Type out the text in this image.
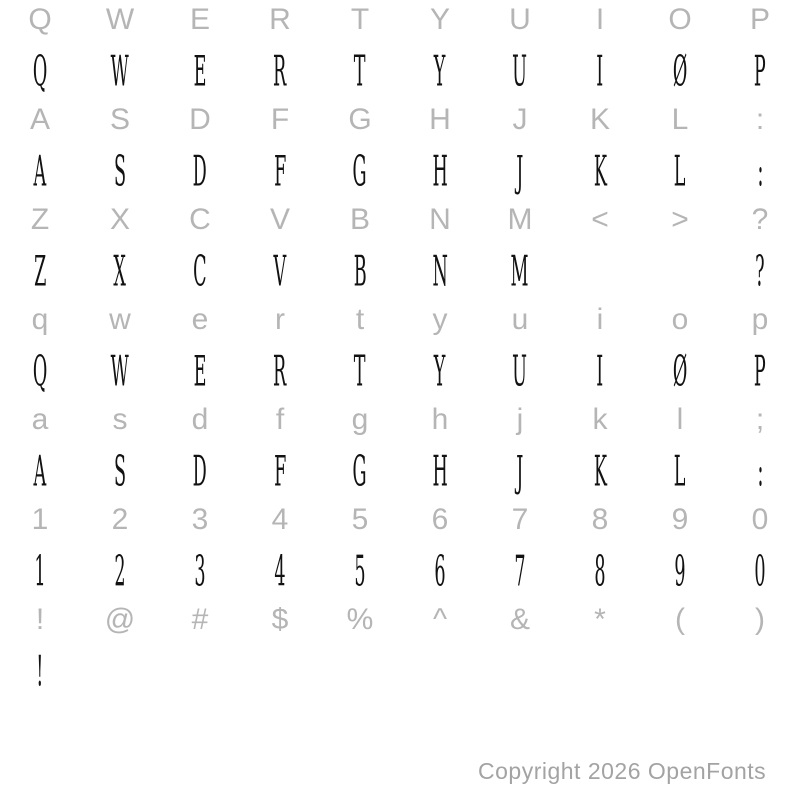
Q W E R T Y U I O P
Q W E R T Y U I Ø P
A S D F G H J K L :
A S D F G H J K L :
Z X C V B N M < > ?
Z X C V B N M	?
q w e r t y u i o p
Q W E R T Y U I Ø P
a s d f g h j k l ;
A S D F G H J K L :
1 2 3 4 5 6 7 8 9 0
1 2 3 4 5 6 7 8 9 0
! @ # $ % ^ & * ( )
!
Copyright 2026 OpenFonts
